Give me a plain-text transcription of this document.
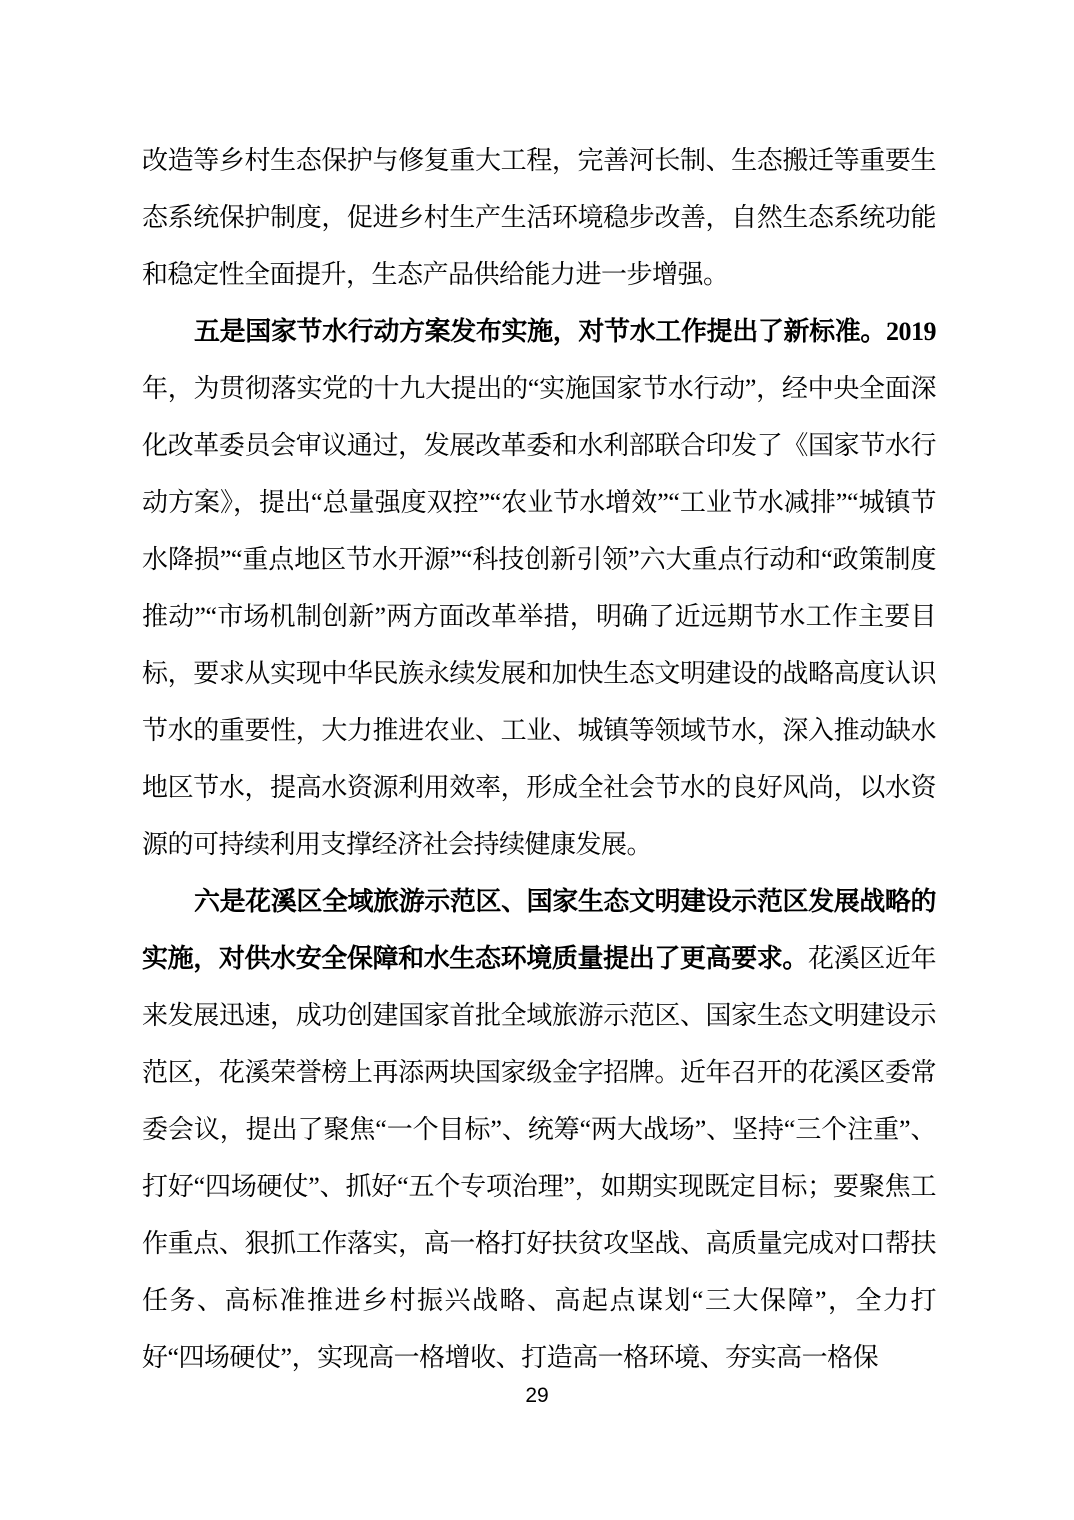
改造等乡村生态保护与修复重大工程，完善河长制、生态搬迁等重要生态系统保护制度，促进乡村生产生活环境稳步改善，自然生态系统功能和稳定性全面提升，生态产品供给能力进一步增强。

五是国家节水行动方案发布实施，对节水工作提出了新标准。2019年，为贯彻落实党的十九大提出的“实施国家节水行动”，经中央全面深化改革委员会审议通过，发展改革委和水利部联合印发了《国家节水行动方案》，提出“总量强度双控”“农业节水增效”“工业节水减排”“城镇节水降损”“重点地区节水开源”“科技创新引领”六大重点行动和“政策制度推动”“市场机制创新”两方面改革举措，明确了近远期节水工作主要目标，要求从实现中华民族永续发展和加快生态文明建设的战略高度认识节水的重要性，大力推进农业、工业、城镇等领域节水，深入推动缺水地区节水，提高水资源利用效率，形成全社会节水的良好风尚，以水资源的可持续利用支撑经济社会持续健康发展。

六是花溪区全域旅游示范区、国家生态文明建设示范区发展战略的实施，对供水安全保障和水生态环境质量提出了更高要求。花溪区近年来发展迅速，成功创建国家首批全域旅游示范区、国家生态文明建设示范区，花溪荣誉榜上再添两块国家级金字招牌。近年召开的花溪区委常委会议，提出了聚焦“一个目标”、统筹“两大战场”、坚持“三个注重”、打好“四场硬仗”、抓好“五个专项治理”，如期实现既定目标；要聚焦工作重点、狠抓工作落实，高一格打好扶贫攻坚战、高质量完成对口帮扶任务、高标准推进乡村振兴战略、高起点谋划“三大保障”，全力打好“四场硬仗”，实现高一格增收、打造高一格环境、夯实高一格保

29
